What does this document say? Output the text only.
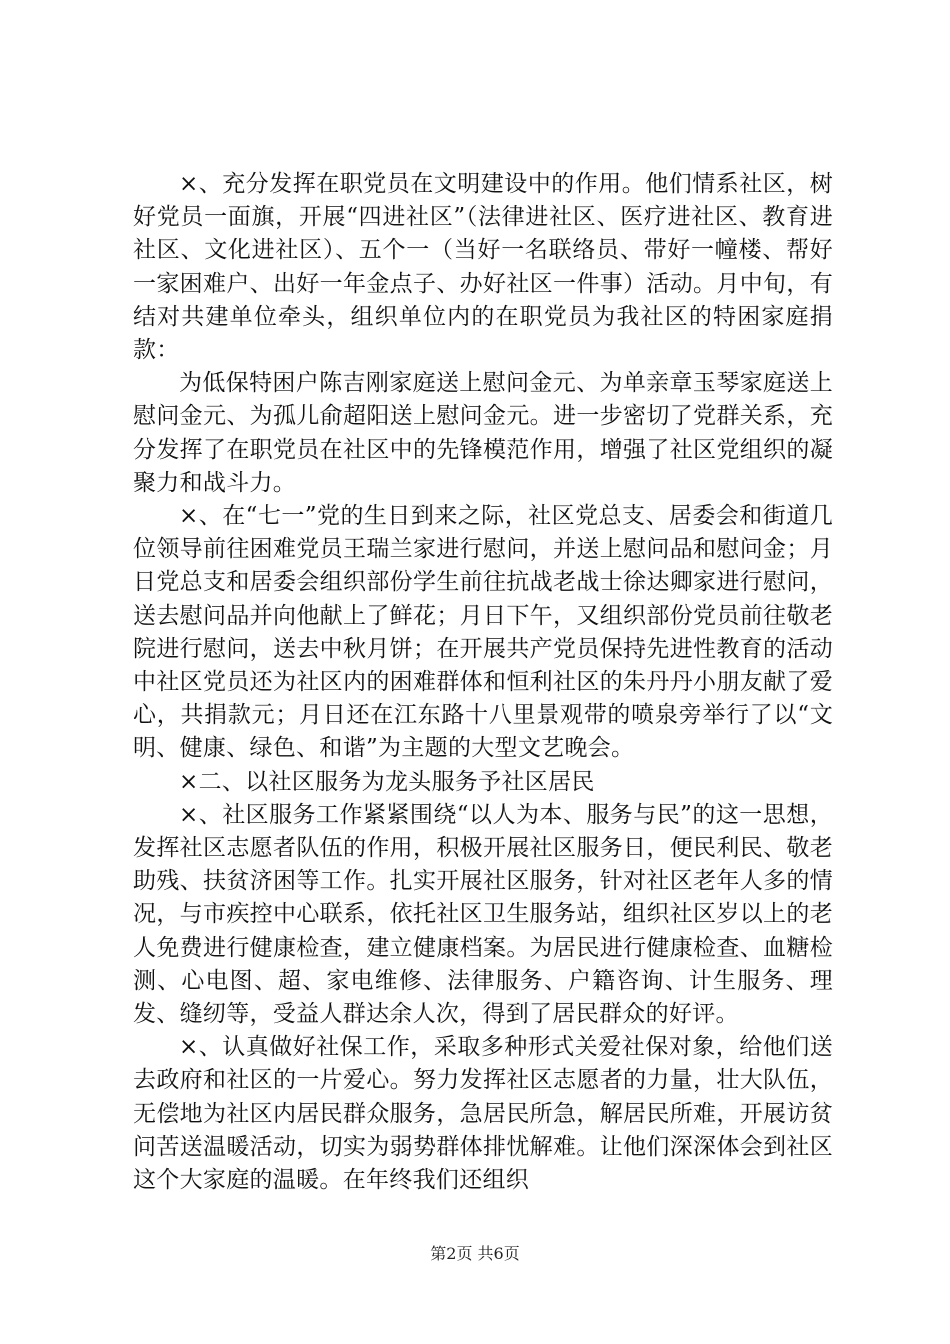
×、充分发挥在职党员在文明建设中的作用。他们情系社区，树好党员一面旗，开展“四进社区”（法律进社区、医疗进社区、教育进社区、文化进社区）、五个一（当好一名联络员、带好一幢楼、帮好一家困难户、出好一年金点子、办好社区一件事）活动。月中旬，有结对共建单位牵头，组织单位内的在职党员为我社区的特困家庭捐款：

为低保特困户陈吉刚家庭送上慰问金元、为单亲章玉琴家庭送上慰问金元、为孤儿俞超阳送上慰问金元。进一步密切了党群关系，充分发挥了在职党员在社区中的先锋模范作用，增强了社区党组织的凝聚力和战斗力。

×、在“七一”党的生日到来之际，社区党总支、居委会和街道几位领导前往困难党员王瑞兰家进行慰问，并送上慰问品和慰问金；月日党总支和居委会组织部份学生前往抗战老战士徐达卿家进行慰问，送去慰问品并向他献上了鲜花；月日下午，又组织部份党员前往敬老院进行慰问，送去中秋月饼；在开展共产党员保持先进性教育的活动中社区党员还为社区内的困难群体和恒利社区的朱丹丹小朋友献了爱心，共捐款元；月日还在江东路十八里景观带的喷泉旁举行了以“文明、健康、绿色、和谐”为主题的大型文艺晚会。

×二、以社区服务为龙头服务予社区居民

×、社区服务工作紧紧围绕“以人为本、服务与民”的这一思想，发挥社区志愿者队伍的作用，积极开展社区服务日，便民利民、敬老助残、扶贫济困等工作。扎实开展社区服务，针对社区老年人多的情况，与市疾控中心联系，依托社区卫生服务站，组织社区岁以上的老人免费进行健康检查，建立健康档案。为居民进行健康检查、血糖检测、心电图、超、家电维修、法律服务、户籍咨询、计生服务、理发、缝纫等，受益人群达余人次，得到了居民群众的好评。

×、认真做好社保工作，采取多种形式关爱社保对象，给他们送去政府和社区的一片爱心。努力发挥社区志愿者的力量，壮大队伍，无偿地为社区内居民群众服务，急居民所急，解居民所难，开展访贫问苦送温暖活动，切实为弱势群体排忧解难。让他们深深体会到社区这个大家庭的温暖。在年终我们还组织

第2页 共6页
